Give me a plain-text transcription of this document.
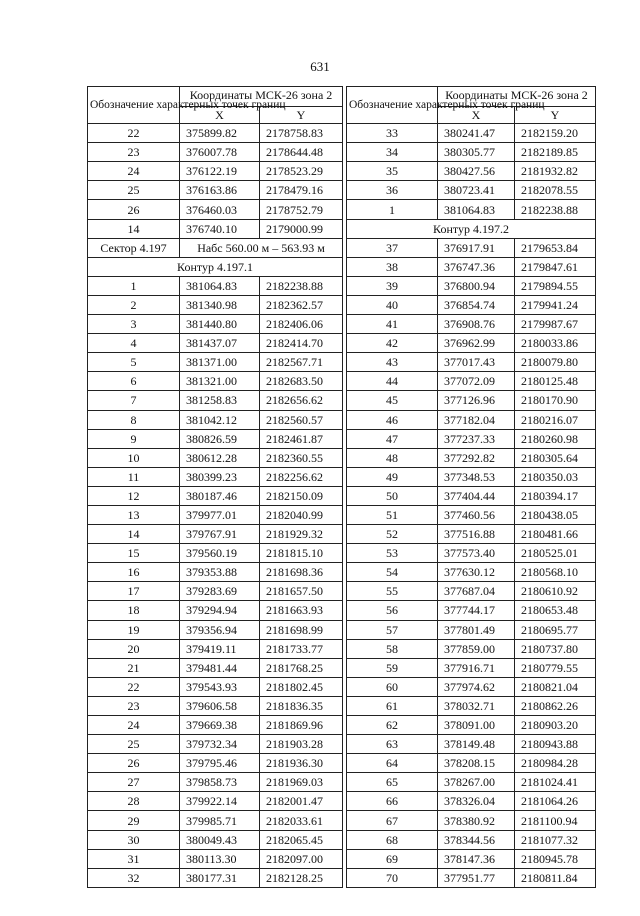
631
Обозначение характерных точек границ	Координаты МСК-26 зона 2	
	X	Y
22	375899.82	2178758.83
23	376007.78	2178644.48
24	376122.19	2178523.29
25	376163.86	2178479.16
26	376460.03	2178752.79
14	376740.10	2179000.99
Сектор 4.197	Набс 560.00 м – 563.93 м	
Контур 4.197.1		
1	381064.83	2182238.88
2	381340.98	2182362.57
3	381440.80	2182406.06
4	381437.07	2182414.70
5	381371.00	2182567.71
6	381321.00	2182683.50
7	381258.83	2182656.62
8	381042.12	2182560.57
9	380826.59	2182461.87
10	380612.28	2182360.55
11	380399.23	2182256.62
12	380187.46	2182150.09
13	379977.01	2182040.99
14	379767.91	2181929.32
15	379560.19	2181815.10
16	379353.88	2181698.36
17	379283.69	2181657.50
18	379294.94	2181663.93
19	379356.94	2181698.99
20	379419.11	2181733.77
21	379481.44	2181768.25
22	379543.93	2181802.45
23	379606.58	2181836.35
24	379669.38	2181869.96
25	379732.34	2181903.28
26	379795.46	2181936.30
27	379858.73	2181969.03
28	379922.14	2182001.47
29	379985.71	2182033.61
30	380049.43	2182065.45
31	380113.30	2182097.00
32	380177.31	2182128.25
Обозначение характерных точек границ	Координаты МСК-26 зона 2	
	X	Y
33	380241.47	2182159.20
34	380305.77	2182189.85
35	380427.56	2181932.82
36	380723.41	2182078.55
1	381064.83	2182238.88
Контур 4.197.2		
37	376917.91	2179653.84
38	376747.36	2179847.61
39	376800.94	2179894.55
40	376854.74	2179941.24
41	376908.76	2179987.67
42	376962.99	2180033.86
43	377017.43	2180079.80
44	377072.09	2180125.48
45	377126.96	2180170.90
46	377182.04	2180216.07
47	377237.33	2180260.98
48	377292.82	2180305.64
49	377348.53	2180350.03
50	377404.44	2180394.17
51	377460.56	2180438.05
52	377516.88	2180481.66
53	377573.40	2180525.01
54	377630.12	2180568.10
55	377687.04	2180610.92
56	377744.17	2180653.48
57	377801.49	2180695.77
58	377859.00	2180737.80
59	377916.71	2180779.55
60	377974.62	2180821.04
61	378032.71	2180862.26
62	378091.00	2180903.20
63	378149.48	2180943.88
64	378208.15	2180984.28
65	378267.00	2181024.41
66	378326.04	2181064.26
67	378380.92	2181100.94
68	378344.56	2181077.32
69	378147.36	2180945.78
70	377951.77	2180811.84
